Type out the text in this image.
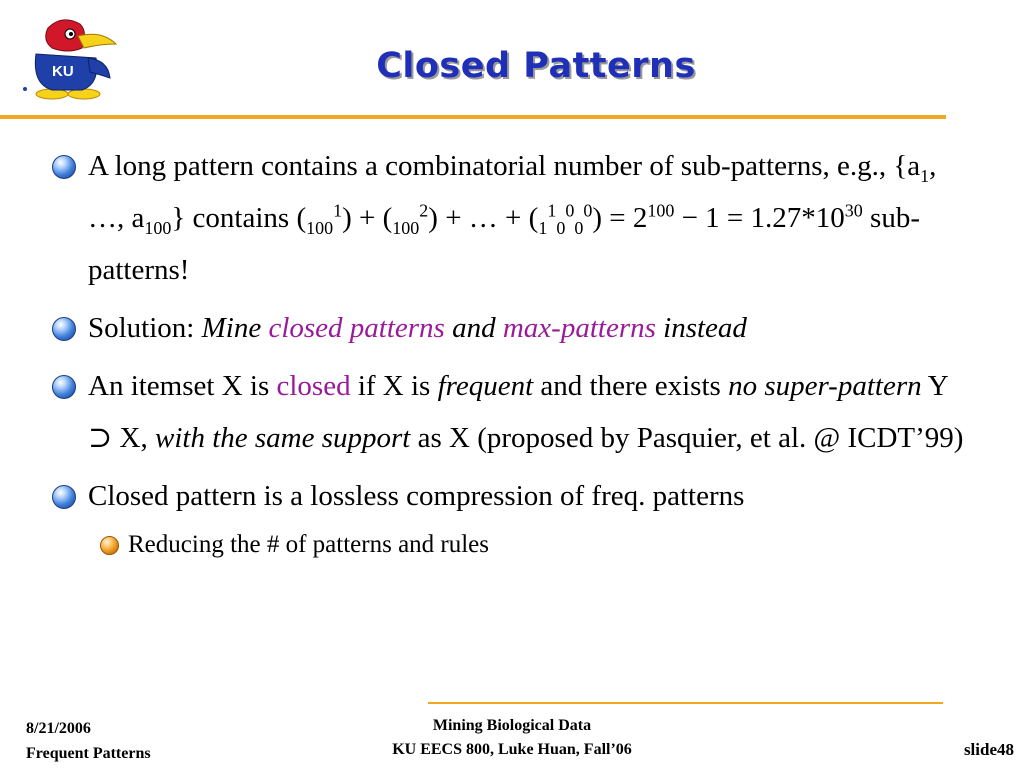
KU	Closed Patterns
A long pattern contains a combinatorial number of sub-patterns, e.g., {$a_1$, …, $a_{100}$} contains $(_{100}^1) + (_{100}^2)$ + … + $(_1^1_0^0_0^0) = 2^{100} - 1 = 1.27*10^{30}$ sub-patterns!
Solution: Mine closed patterns and max-patterns instead
An itemset X is closed if X is frequent and there exists no super-pattern Y ⊃ X, with the same support as X (proposed by Pasquier, et al. @ ICDT’99)
Closed pattern is a lossless compression of freq. patterns
Reducing the # of patterns and rules
8/21/2006
Frequent Patterns
Mining Biological Data
KU EECS 800, Luke Huan, Fall’06	slide48
